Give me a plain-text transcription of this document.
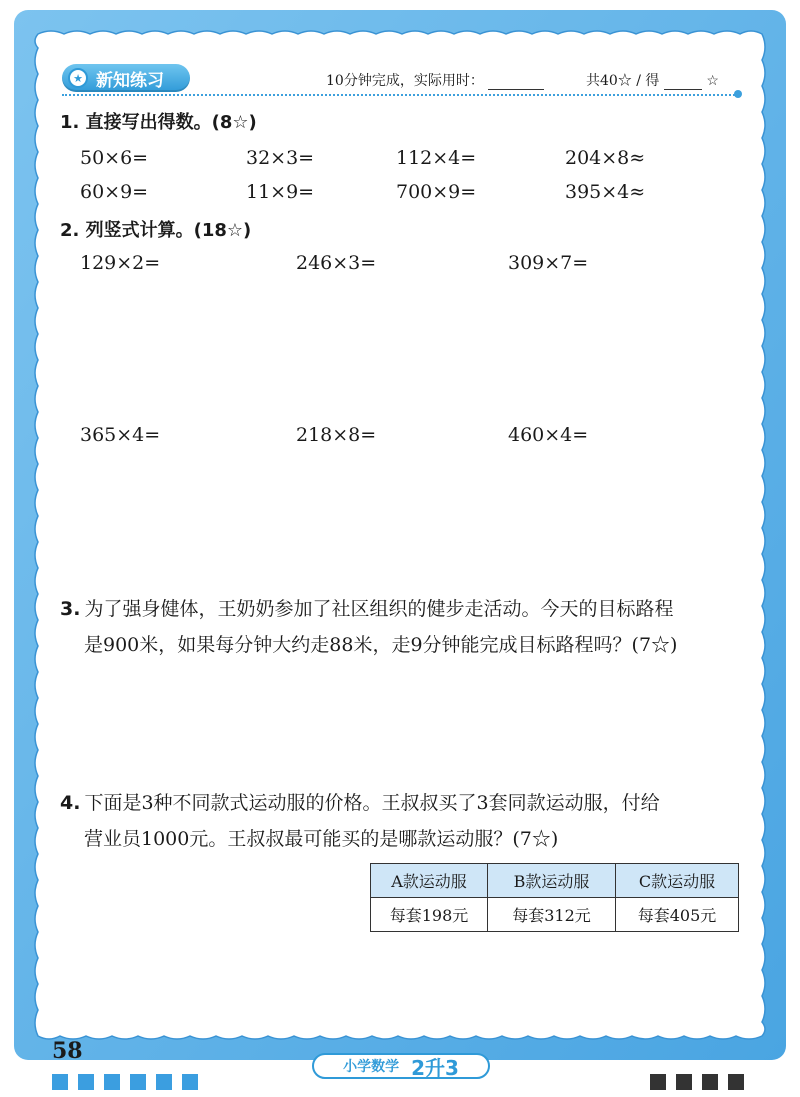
★ 新知练习	10分钟完成，实际用时：	共40☆ / 得	☆
1. 直接写出得数。(8☆)
50×6=	32×3=	112×4=	204×8≈
60×9=	11×9=	700×9=	395×4≈
2. 列竖式计算。(18☆)
129×2=	246×3=	309×7=
365×4=	218×8=	460×4=
3. 为了强身健体，王奶奶参加了社区组织的健步走活动。今天的目标路程
是900米，如果每分钟大约走88米，走9分钟能完成目标路程吗？(7☆)
4. 下面是3种不同款式运动服的价格。王叔叔买了3套同款运动服，付给
营业员1000元。王叔叔最可能买的是哪款运动服？(7☆)
A款运动服	B款运动服	C款运动服
每套198元	每套312元	每套405元
58
小学数学 2升3
